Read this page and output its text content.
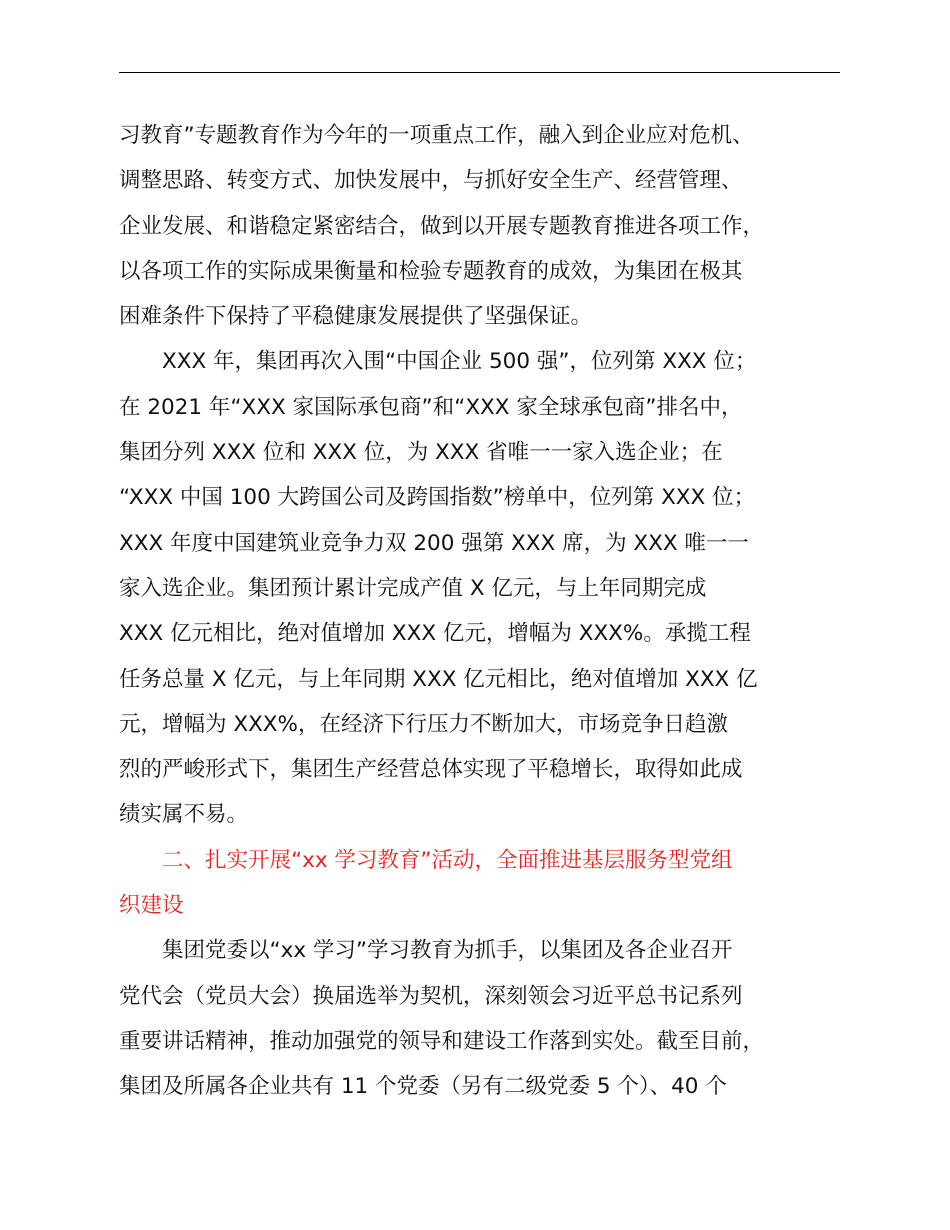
习教育”专题教育作为今年的一项重点工作，融入到企业应对危机、
调整思路、转变方式、加快发展中，与抓好安全生产、经营管理、
企业发展、和谐稳定紧密结合，做到以开展专题教育推进各项工作，
以各项工作的实际成果衡量和检验专题教育的成效，为集团在极其
困难条件下保持了平稳健康发展提供了坚强保证。
　　XXX 年，集团再次入围“中国企业 500 强”，位列第 XXX 位；
在 2021 年“XXX 家国际承包商”和“XXX 家全球承包商”排名中，
集团分列 XXX 位和 XXX 位，为 XXX 省唯一一家入选企业；在
“XXX 中国 100 大跨国公司及跨国指数”榜单中，位列第 XXX 位；
XXX 年度中国建筑业竞争力双 200 强第 XXX 席，为 XXX 唯一一
家入选企业。集团预计累计完成产值 X 亿元，与上年同期完成
XXX 亿元相比，绝对值增加 XXX 亿元，增幅为 XXX%。承揽工程
任务总量 X 亿元，与上年同期 XXX 亿元相比，绝对值增加 XXX 亿
元，增幅为 XXX%，在经济下行压力不断加大，市场竞争日趋激
烈的严峻形式下，集团生产经营总体实现了平稳增长，取得如此成
绩实属不易。
　　二、扎实开展“xx 学习教育”活动，全面推进基层服务型党组
织建设
　　集团党委以“xx 学习”学习教育为抓手，以集团及各企业召开
党代会（党员大会）换届选举为契机，深刻领会习近平总书记系列
重要讲话精神，推动加强党的领导和建设工作落到实处。截至目前，
集团及所属各企业共有 11 个党委（另有二级党委 5 个）、40 个
